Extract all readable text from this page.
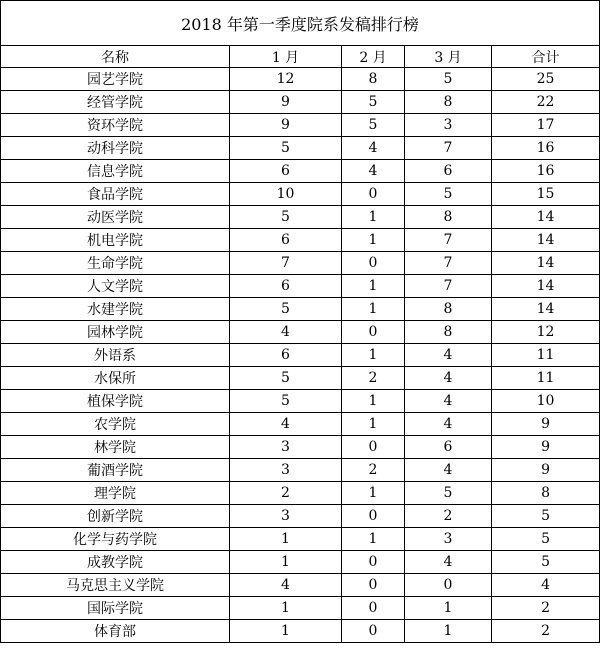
2018 年第一季度院系发稿排行榜				
名称	1 月	2 月	3 月	合计
园艺学院	12	8	5	25
经管学院	9	5	8	22
资环学院	9	5	3	17
动科学院	5	4	7	16
信息学院	6	4	6	16
食品学院	10	0	5	15
动医学院	5	1	8	14
机电学院	6	1	7	14
生命学院	7	0	7	14
人文学院	6	1	7	14
水建学院	5	1	8	14
园林学院	4	0	8	12
外语系	6	1	4	11
水保所	5	2	4	11
植保学院	5	1	4	10
农学院	4	1	4	9
林学院	3	0	6	9
葡酒学院	3	2	4	9
理学院	2	1	5	8
创新学院	3	0	2	5
化学与药学院	1	1	3	5
成教学院	1	0	4	5
马克思主义学院	4	0	0	4
国际学院	1	0	1	2
体育部	1	0	1	2
